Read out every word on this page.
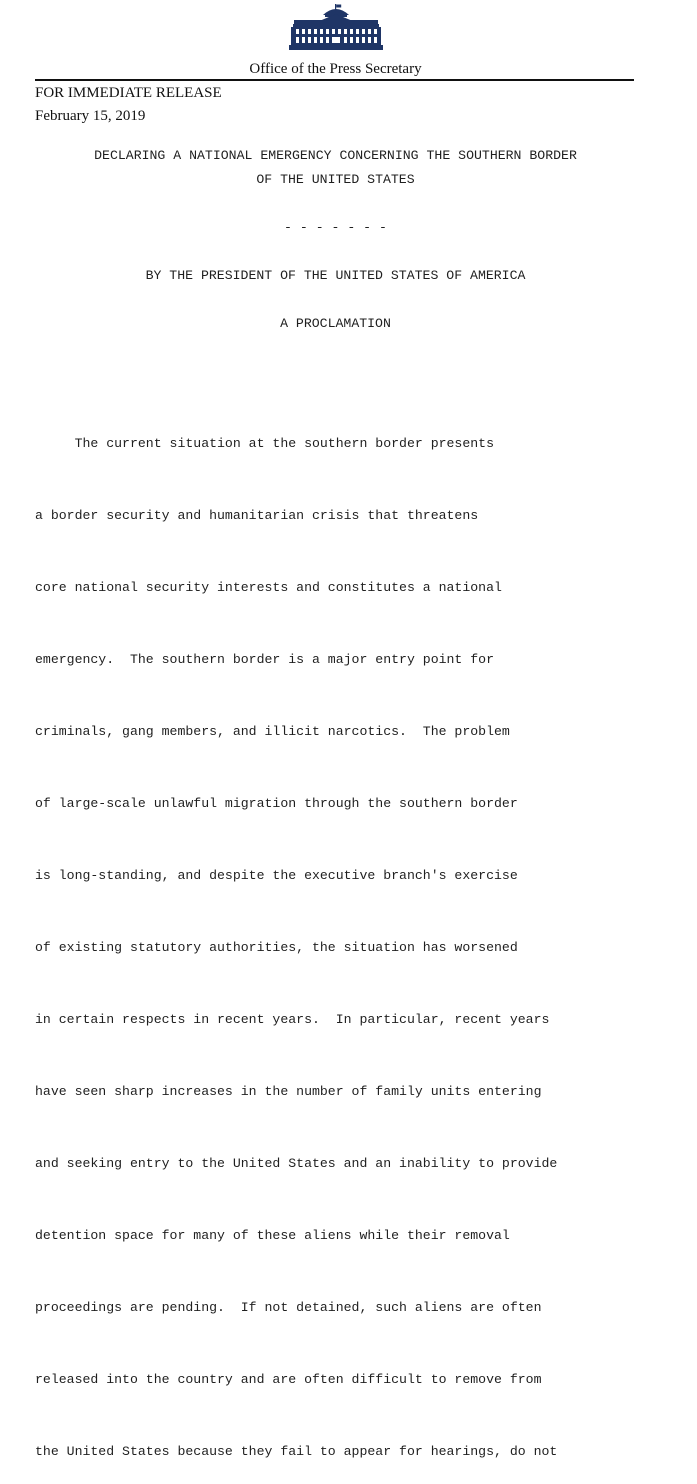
Office of the Press Secretary
FOR IMMEDIATE RELEASE
February 15, 2019
DECLARING A NATIONAL EMERGENCY CONCERNING THE SOUTHERN BORDER
OF THE UNITED STATES
- - - - - - -
BY THE PRESIDENT OF THE UNITED STATES OF AMERICA
A PROCLAMATION

The current situation at the southern border presents

a border security and humanitarian crisis that threatens

core national security interests and constitutes a national

emergency.  The southern border is a major entry point for

criminals, gang members, and illicit narcotics.  The problem

of large-scale unlawful migration through the southern border

is long-standing, and despite the executive branch's exercise

of existing statutory authorities, the situation has worsened

in certain respects in recent years.  In particular, recent years

have seen sharp increases in the number of family units entering

and seeking entry to the United States and an inability to provide

detention space for many of these aliens while their removal

proceedings are pending.  If not detained, such aliens are often

released into the country and are often difficult to remove from

the United States because they fail to appear for hearings, do not
